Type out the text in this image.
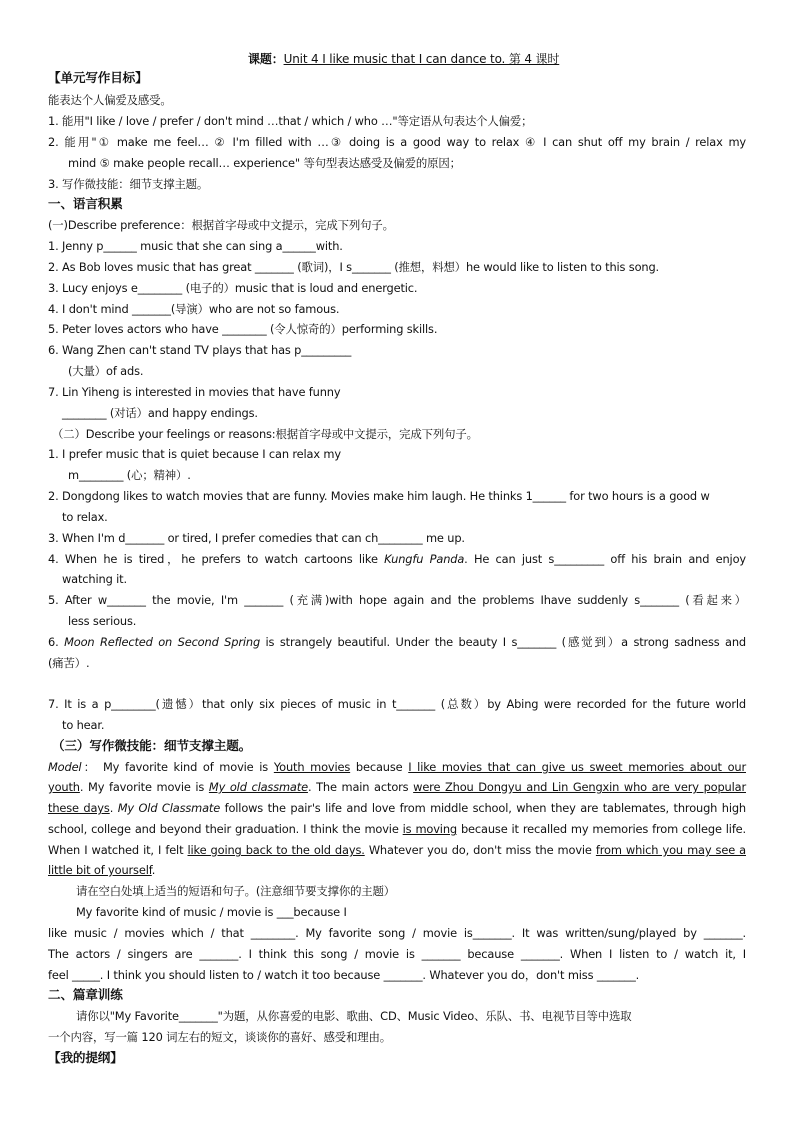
课题：Unit 4 I like music that I can dance to. 第 4 课时
【单元写作目标】
能表达个人偏爱及感受。
1. 能用"I like / love / prefer / don't mind …that / which / who …"等定语从句表达个人偏爱；
2. 能用"① make me feel… ② I'm filled with …③ doing is a good way to relax ④ I can shut off my brain / relax my
mind ⑤ make people recall… experience" 等句型表达感受及偏爱的原因；
3. 写作微技能：细节支撑主题。
一、语言积累
(一)Describe preference：根据首字母或中文提示，完成下列句子。
1. Jenny p______ music that she can sing a______with.
2. As Bob loves music that has great _______ (歌词)，I s_______ (推想，料想）he would like to listen to this song.
3. Lucy enjoys e________ (电子的）music that is loud and energetic.
4. I don't mind _______(导演）who are not so famous.
5. Peter loves actors who have ________ (令人惊奇的）performing skills.
6. Wang Zhen can't stand TV plays that has p_________
(大量）of ads.
7. Lin Yiheng is interested in movies that have funny
________ (对话）and happy endings.
（二）Describe your feelings or reasons:根据首字母或中文提示，完成下列句子。
1. I prefer music that is quiet because I can relax my
m________ (心；精神）.
2. Dongdong likes to watch movies that are funny. Movies make him laugh. He thinks 1______ for two hours is a good w
to relax.
3. When I'm d_______ or tired, I prefer comedies that can ch________ me up.
4. When he is tired，he prefers to watch cartoons like Kungfu Panda. He can just s_________ off his brain and enjoy
watching it.
5. After w_______ the movie, I'm _______ (充满)with hope again and the problems Ihave suddenly s_______ (看起来）
less serious.
6. Moon Reflected on Second Spring is strangely beautiful. Under the beauty I s_______ (感觉到）a strong sadness and
(痛苦）.
7. It is a p________(遗憾）that only six pieces of music in t_______ (总数）by Abing were recorded for the future world
to hear.
（三）写作微技能：细节支撑主题。
Model： My favorite kind of movie is Youth movies because I like movies that can give us sweet memories about our
youth. My favorite movie is My old classmate. The main actors were Zhou Dongyu and Lin Gengxin who are very popular
these days. My Old Classmate follows the pair's life and love from middle school, when they are tablemates, through high
school, college and beyond their graduation. I think the movie is moving because it recalled my memories from college life.
When I watched it, I felt like going back to the old days. Whatever you do, don't miss the movie from which you may see a
little bit of yourself.
请在空白处填上适当的短语和句子。(注意细节要支撑你的主题）
My favorite kind of music / movie is ___because I
like music / movies which / that ________. My favorite song / movie is_______. It was written/sung/played by _______.
The actors / singers are _______. I think this song / movie is _______ because _______. When I listen to / watch it, I
feel _____. I think you should listen to / watch it too because _______. Whatever you do，don't miss _______.
二、篇章训练
请你以"My Favorite_______"为题，从你喜爱的电影、歌曲、CD、Music Video、乐队、书、电视节目等中选取
一个内容，写一篇 120 词左右的短文，谈谈你的喜好、感受和理由。
【我的提纲】
